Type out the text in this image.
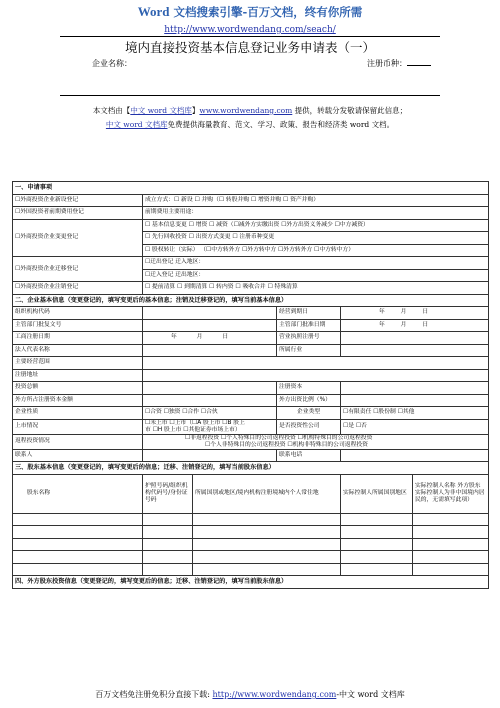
Word 文档搜索引擎-百万文档，终有你所需
http://www.wordwendang.com/seach/
境内直接投资基本信息登记业务申请表（一）
企业名称：	注册币种：
本文档由【中文 word 文档库】www.wordwendang.com 提供，转载分发敬请保留此信息；
中文 word 文档库免费提供海量教育、范文、学习、政策、报告和经济类 word 文档。
一、申请事项					
☐外商投资企业新设登记	成立方式：☐ 新设 ☐ 并购（☐ 转股并购 ☐ 增资并购 ☐ 资产并购）				
☐外国投资者前期费用登记	前期费用主要用途：				
☐外商投资企业变更登记	☐ 基本信息变更 ☐ 增资 ☐ 减资（☐减外方实缴出资 ☐外方出资义务减少 ☐中方减资）				
	☐ 先行回收投资 ☐ 出资方式变更 ☐ 注册币种变更				
	☐ 股权转让（实际） （☐中方转外方 ☐外方转中方 ☐外方转外方 ☐中方转中方）				
☐外商投资企业迁移登记	☐迁出登记 迁入地区：				
	☐迁入登记 迁出地区：				
☐外商投资企业注销登记	☐ 提前清算 ☐ 到期清算 ☐ 转内资 ☐ 吸收合并 ☐ 特殊清算				
二、企业基本信息（变更登记的，填写变更后的基本信息；注销及迁移登记的，填写当前基本信息）					
组织机构代码			经营到期日	年 月 日	
主管部门批复文号			主管部门批准日期	年 月 日	
工商注册日期	年 月 日		营业执照注册号		
法人代表名称			所属行业		
主要经营范围					
注册地址					
投资总额			注册资本		
外方所占注册资本金额			外方出资比例（%）		
企业性质	☐合资 ☐独资 ☐合作 ☐合伙		企业类型	☐有限责任 ☐股份制 ☐其他	
上市情况	☐未上市 ☐上市（☐A 股上市 ☐B 股上
市 ☐H 股上市 ☐其他证券市场上市）		是否投资性公司	☐是 ☐否	
返程投资情况	☐非返程投资 ☐个人特殊目的公司返程投资 ☐机构特殊目的公司返程投资
☐个人非特殊目的公司返程投资 ☐机构非特殊目的公司返程投资				

联系人			联系电话		
三、股东基本信息（变更登记的，填写变更后的信息；迁移、注销登记的，填写当前股东信息）					
股东名称	护照号码/组织机构代码号/身份证号码	所属国别或地区/境内机构注册境城内个人常住地		实际控制人所属国别地区	实际控制人名称 外方股东实际控制人为非中国境内居民的，无需填写此项）

四、外方股东投资信息（变更登记的，填写变更后的信息；迁移、注销登记的，填写当前股东信息）					
百万文档免注册免积分直接下载: http://www.wordwendang.com-中文 word 文档库
